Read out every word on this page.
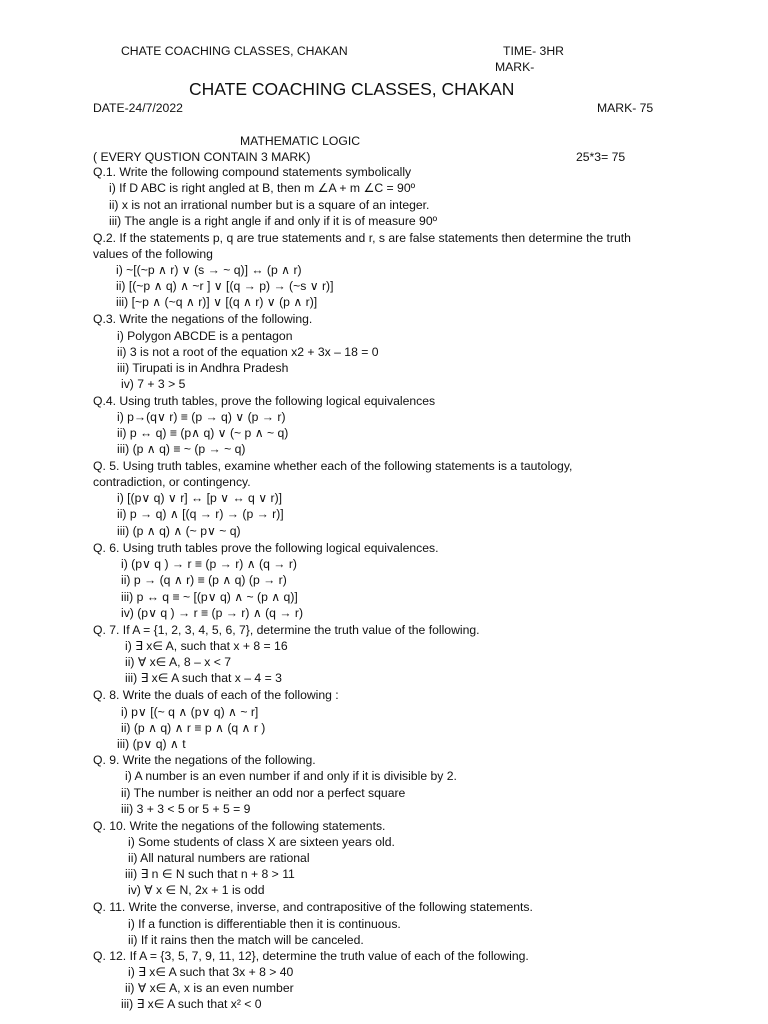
CHATE COACHING CLASSES, CHAKAN	TIME- 3HR
MARK-
CHATE COACHING CLASSES, CHAKAN
DATE-24/7/2022	MARK- 75
MATHEMATIC LOGIC
( EVERY QUSTION CONTAIN 3 MARK)	25*3= 75
Q.1. Write the following compound statements symbolically
i) If D ABC is right angled at B, then m ∠A + m ∠C = 90º
ii) x is not an irrational number but is a square of an integer.
iii) The angle is a right angle if and only if it is of measure 90º
Q.2. If the statements p, q are true statements and r, s are false statements then determine the truth
values of the following
i) ~[(~p ∧ r) ∨ (s → ~ q)] ↔ (p ∧ r)
ii) [(~p ∧ q) ∧ ~r ] ∨ [(q → p) → (~s ∨ r)]
iii) [~p ∧ (~q ∧ r)] ∨ [(q ∧ r) ∨ (p ∧ r)]
Q.3. Write the negations of the following.
i) Polygon ABCDE is a pentagon
ii) 3 is not a root of the equation x2 + 3x – 18 = 0
iii) Tirupati is in Andhra Pradesh
iv) 7 + 3 > 5
Q.4. Using truth tables, prove the following logical equivalences
i) p→(q∨ r) ≡ (p → q) ∨ (p → r)
ii) p ↔ q) ≡ (p∧ q) ∨ (~ p ∧ ~ q)
iii) (p ∧ q) ≡ ~ (p → ~ q)
Q. 5. Using truth tables, examine whether each of the following statements is a tautology,
contradiction, or contingency.
i) [(p∨ q) ∨ r] ↔ [p ∨ ↔ q ∨ r)]
ii) p → q) ∧ [(q → r) → (p → r)]
iii) (p ∧ q) ∧ (~ p∨ ~ q)
Q. 6. Using truth tables prove the following logical equivalences.
i) (p∨ q ) → r ≡ (p → r) ∧ (q → r)
ii) p → (q ∧ r) ≡ (p ∧ q) (p → r)
iii) p ↔ q ≡ ~ [(p∨ q) ∧ ~ (p ∧ q)]
iv) (p∨ q ) → r ≡ (p → r) ∧ (q → r)
Q. 7. If A = {1, 2, 3, 4, 5, 6, 7}, determine the truth value of the following.
i) ∃ x∈ A, such that x + 8 = 16
ii) ∀ x∈ A, 8 – x < 7
iii) ∃ x∈ A such that x – 4 = 3
Q. 8. Write the duals of each of the following :
i) p∨ [(~ q ∧ (p∨ q) ∧ ~ r]
ii) (p ∧ q) ∧ r ≡ p ∧ (q ∧ r )
iii) (p∨ q) ∧ t
Q. 9. Write the negations of the following.
i) A number is an even number if and only if it is divisible by 2.
ii) The number is neither an odd nor a perfect square
iii) 3 + 3 < 5 or 5 + 5 = 9
Q. 10. Write the negations of the following statements.
i) Some students of class X are sixteen years old.
ii) All natural numbers are rational
iii) ∃ n ∈ N such that n + 8 > 11
iv) ∀ x ∈ N, 2x + 1 is odd
Q. 11. Write the converse, inverse, and contrapositive of the following statements.
i) If a function is differentiable then it is continuous.
ii) If it rains then the match will be canceled.
Q. 12. If A = {3, 5, 7, 9, 11, 12}, determine the truth value of each of the following.
i) ∃ x∈ A such that 3x + 8 > 40
ii) ∀ x∈ A, x is an even number
iii) ∃ x∈ A such that x² < 0
